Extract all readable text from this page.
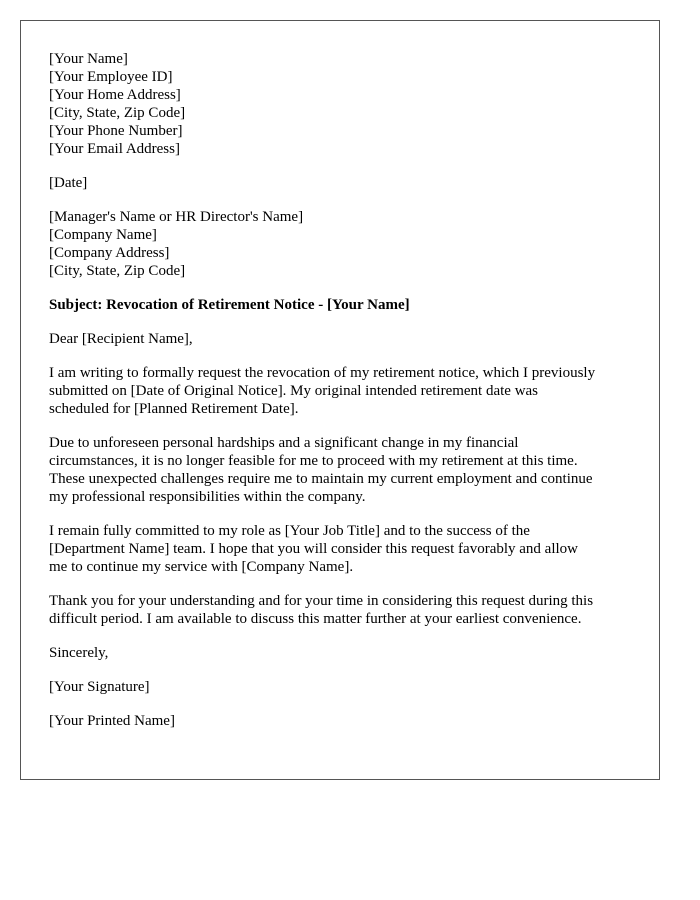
[Your Name]
[Your Employee ID]
[Your Home Address]
[City, State, Zip Code]
[Your Phone Number]
[Your Email Address]
[Date]
[Manager's Name or HR Director's Name]
[Company Name]
[Company Address]
[City, State, Zip Code]
Subject: Revocation of Retirement Notice - [Your Name]
Dear [Recipient Name],
I am writing to formally request the revocation of my retirement notice, which I previously
submitted on [Date of Original Notice]. My original intended retirement date was
scheduled for [Planned Retirement Date].
Due to unforeseen personal hardships and a significant change in my financial
circumstances, it is no longer feasible for me to proceed with my retirement at this time.
These unexpected challenges require me to maintain my current employment and continue
my professional responsibilities within the company.
I remain fully committed to my role as [Your Job Title] and to the success of the
[Department Name] team. I hope that you will consider this request favorably and allow
me to continue my service with [Company Name].
Thank you for your understanding and for your time in considering this request during this
difficult period. I am available to discuss this matter further at your earliest convenience.
Sincerely,
[Your Signature]
[Your Printed Name]
